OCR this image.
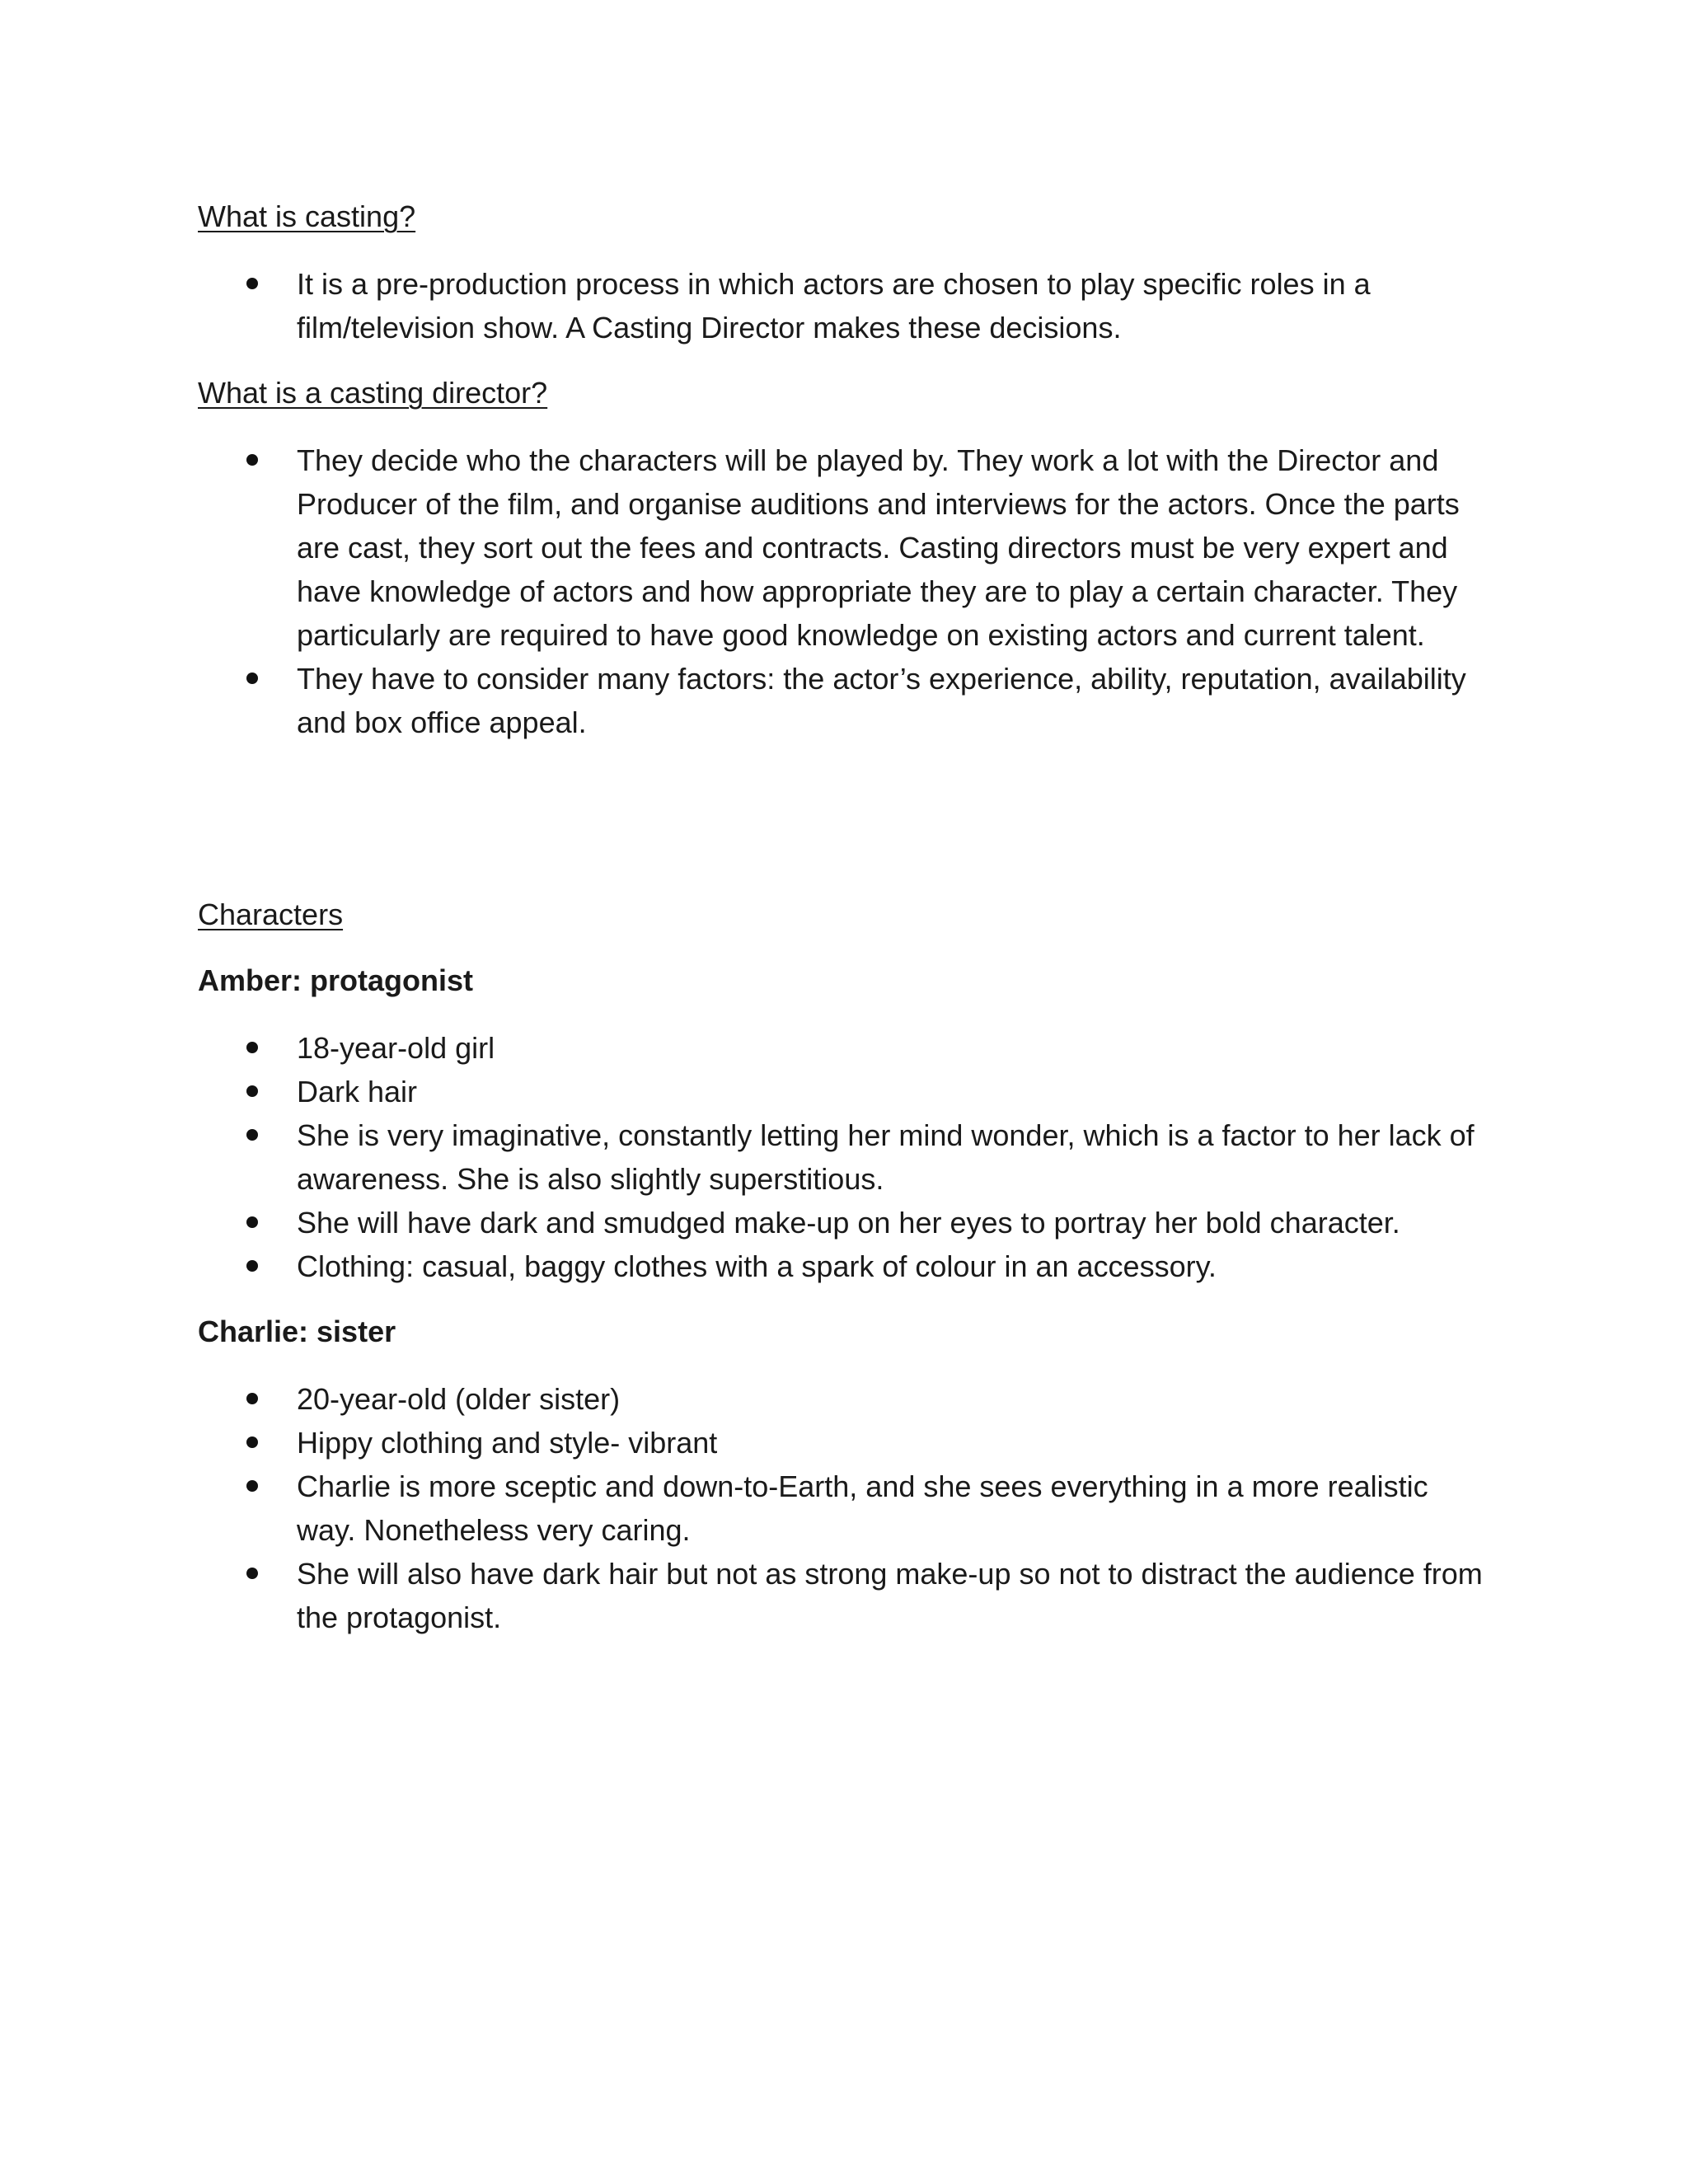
What is casting?

It is a pre-production process in which actors are chosen to play specific roles in a film/television show. A Casting Director makes these decisions.

What is a casting director?

They decide who the characters will be played by. They work a lot with the Director and Producer of the film, and organise auditions and interviews for the actors. Once the parts are cast, they sort out the fees and contracts. Casting directors must be very expert and have knowledge of actors and how appropriate they are to play a certain character. They particularly are required to have good knowledge on existing actors and current talent.
They have to consider many factors: the actor’s experience, ability, reputation, availability and box office appeal.

Characters

Amber: protagonist

18-year-old girl
Dark hair
She is very imaginative, constantly letting her mind wonder, which is a factor to her lack of awareness. She is also slightly superstitious.
She will have dark and smudged make-up on her eyes to portray her bold character.
Clothing: casual, baggy clothes with a spark of colour in an accessory.

Charlie: sister

20-year-old (older sister)
Hippy clothing and style- vibrant
Charlie is more sceptic and down-to-Earth, and she sees everything in a more realistic way. Nonetheless very caring.
She will also have dark hair but not as strong make-up so not to distract the audience from the protagonist.
